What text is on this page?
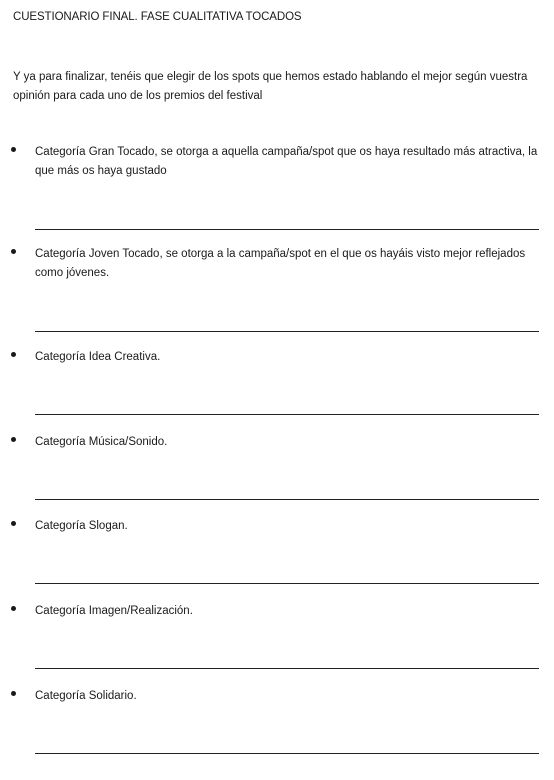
CUESTIONARIO FINAL. FASE CUALITATIVA TOCADOS
Y ya para finalizar, tenéis que elegir de los spots que hemos estado hablando el mejor según vuestra opinión para cada uno de los premios del festival
Categoría Gran Tocado, se otorga a aquella campaña/spot que os haya resultado más atractiva, la que más os haya gustado
Categoría Joven Tocado, se otorga a la campaña/spot en el que os hayáis visto mejor reflejados como jóvenes.
Categoría Idea Creativa.
Categoría Música/Sonido.
Categoría Slogan.
Categoría Imagen/Realización.
Categoría Solidario.
